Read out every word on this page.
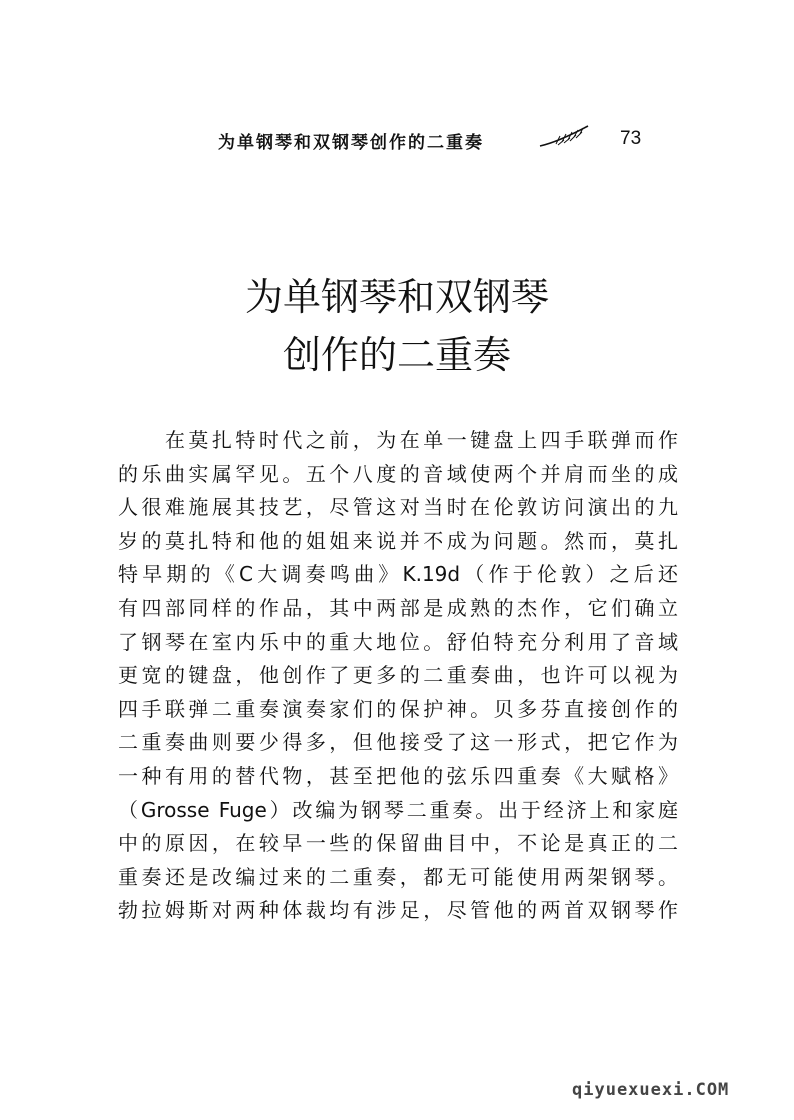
为单钢琴和双钢琴创作的二重奏	73
为单钢琴和双钢琴
创作的二重奏
　　在莫扎特时代之前，为在单一键盘上四手联弹而作
的乐曲实属罕见。五个八度的音域使两个并肩而坐的成
人很难施展其技艺，尽管这对当时在伦敦访问演出的九
岁的莫扎特和他的姐姐来说并不成为问题。然而，莫扎
特早期的《C大调奏鸣曲》K.19d（作于伦敦）之后还
有四部同样的作品，其中两部是成熟的杰作，它们确立
了钢琴在室内乐中的重大地位。舒伯特充分利用了音域
更宽的键盘，他创作了更多的二重奏曲，也许可以视为
四手联弹二重奏演奏家们的保护神。贝多芬直接创作的
二重奏曲则要少得多，但他接受了这一形式，把它作为
一种有用的替代物，甚至把他的弦乐四重奏《大赋格》
（Grosse Fuge）改编为钢琴二重奏。出于经济上和家庭
中的原因，在较早一些的保留曲目中，不论是真正的二
重奏还是改编过来的二重奏，都无可能使用两架钢琴。
勃拉姆斯对两种体裁均有涉足，尽管他的两首双钢琴作
qiyuexuexi.COM
